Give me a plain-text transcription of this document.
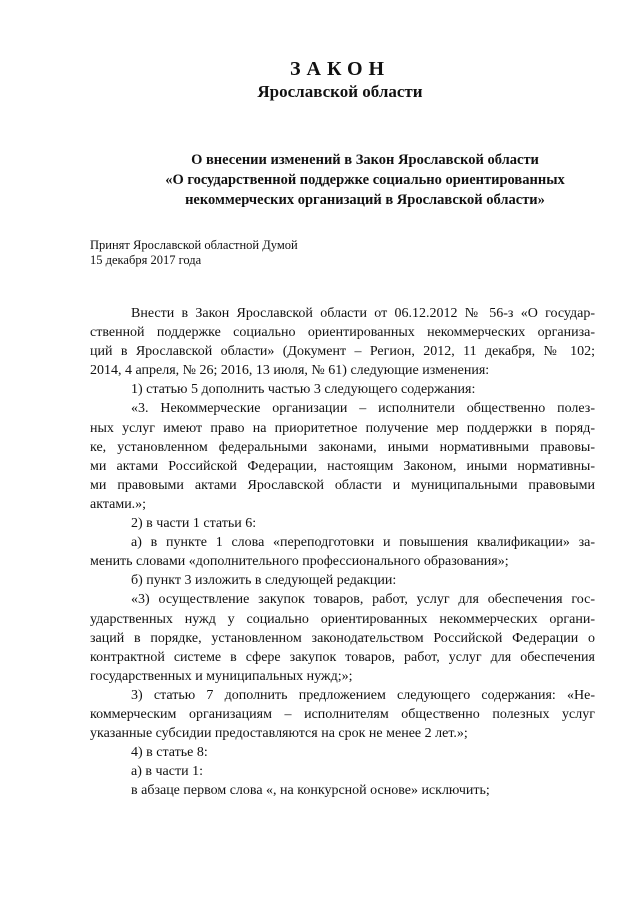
ЗАКОН
Ярославской области
О внесении изменений в Закон Ярославской области
«О государственной поддержке социально ориентированных
некоммерческих организаций в Ярославской области»
Принят Ярославской областной Думой
15 декабря 2017 года
Внести в Закон Ярославской области от 06.12.2012 № 56-з «О государ-
ственной поддержке социально ориентированных некоммерческих организа-
ций в Ярославской области» (Документ – Регион, 2012, 11 декабря, № 102;
2014, 4 апреля, № 26; 2016, 13 июля, № 61) следующие изменения:
1) статью 5 дополнить частью 3 следующего содержания:
«3. Некоммерческие организации – исполнители общественно полез-
ных услуг имеют право на приоритетное получение мер поддержки в поряд-
ке, установленном федеральными законами, иными нормативными правовы-
ми актами Российской Федерации, настоящим Законом, иными нормативны-
ми правовыми актами Ярославской области и муниципальными правовыми
актами.»;
2) в части 1 статьи 6:
а) в пункте 1 слова «переподготовки и повышения квалификации» за-
менить словами «дополнительного профессионального образования»;
б) пункт 3 изложить в следующей редакции:
«3) осуществление закупок товаров, работ, услуг для обеспечения гос-
ударственных нужд у социально ориентированных некоммерческих органи-
заций в порядке, установленном законодательством Российской Федерации о
контрактной системе в сфере закупок товаров, работ, услуг для обеспечения
государственных и муниципальных нужд;»;
3) статью 7 дополнить предложением следующего содержания: «Не-
коммерческим организациям – исполнителям общественно полезных услуг
указанные субсидии предоставляются на срок не менее 2 лет.»;
4) в статье 8:
а) в части 1:
в абзаце первом слова «, на конкурсной основе» исключить;
